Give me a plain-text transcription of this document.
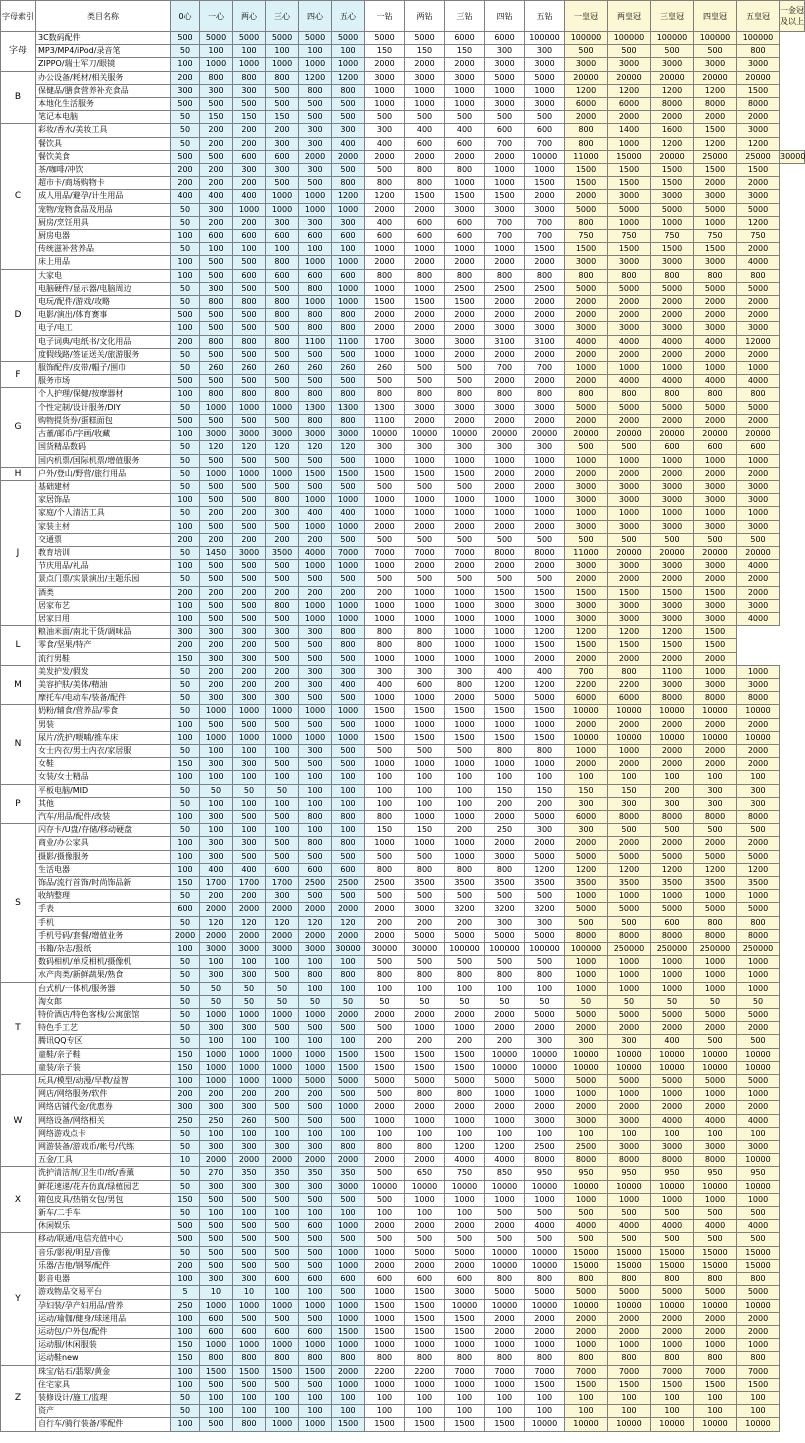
字母索引	类目名称	0心	一心	两心	三心	四心	五心	一钻	两钻	三钻	四钻	五钻	一皇冠	两皇冠	三皇冠	四皇冠	五皇冠	一金冠
及以上
字母	3C数码配件	500	5000	5000	5000	5000	5000	5000	5000	6000	6000	100000	100000	100000	100000	100000	100000	
	MP3/MP4/iPod/录音笔	50	100	100	100	100	100	150	150	150	300	300	500	500	500	500	800	
	ZIPPO/瑞士军刀/眼镜	100	1000	1000	1000	1000	1000	2000	2000	2000	3000	3000	3000	3000	3000	3000	3000	
B	办公设备/耗材/相关服务	200	800	800	800	1200	1200	3000	3000	3000	5000	5000	20000	20000	20000	20000	20000	
	保健品/膳食营养补充食品	300	300	300	500	800	800	1000	1000	1000	1000	1000	1200	1200	1200	1200	1500	
	本地化生活服务	500	500	500	500	500	500	1000	1000	1000	3000	3000	6000	6000	8000	8000	8000	
	笔记本电脑	50	150	150	150	500	500	500	500	500	500	500	2000	2000	2000	2000	2000	
C	彩妆/香水/美妆工具	50	200	200	200	300	300	300	400	400	600	600	800	1400	1600	1500	3000	
	餐饮具	50	200	200	300	300	400	400	600	600	700	700	800	1000	1200	1200	1200	
	餐饮美食	500	500	600	600	2000	2000	2000	2000	2000	2000	10000	11000	15000	20000	25000	25000	30000
	茶/咖啡/冲饮	200	200	300	300	300	500	500	800	800	1000	1000	1500	1500	1500	1500	1500	
	超市卡/商场购物卡	200	200	200	500	500	800	800	800	1000	1000	1500	1500	1500	1500	2000	2000	
	成人用品/避孕/计生用品	400	400	400	1000	1000	1200	1200	1500	1500	1500	2000	2000	3000	3000	3000	3000	
	宠物/宠物食品及用品	50	300	1000	1000	1000	1000	2000	2000	3000	3000	3000	5000	5000	5000	5000	5000	
	厨房/烹饪用具	50	200	200	300	300	300	400	600	600	700	700	800	1000	1000	1000	1200	
	厨房电器	100	600	600	600	600	600	600	600	600	700	700	750	750	750	750	750	
	传统滋补营养品	50	100	100	100	100	100	1000	1000	1000	1000	1500	1500	1500	1500	1500	2000	
	床上用品	100	500	500	800	1000	1000	2000	2000	2000	2000	2000	3000	3000	3000	3000	4000	
D	大家电	100	500	600	600	600	600	800	800	800	800	800	800	800	800	800	800	
	电脑硬件/显示器/电脑周边	50	300	500	500	800	1000	1000	1000	2500	2500	2500	5000	5000	5000	5000	5000	
	电玩/配件/游戏/攻略	50	800	800	800	1000	1000	1500	1500	1500	2000	2000	2000	2000	2000	2000	2000	
	电影/演出/体育赛事	500	500	500	800	800	800	2000	2000	2000	2000	2000	2000	2000	2000	2000	2000	
	电子/电工	100	500	500	500	800	800	2000	2000	2000	3000	3000	3000	3000	3000	3000	3000	
	电子词典/电纸书/文化用品	200	800	800	800	1100	1100	1700	3000	3000	3100	3100	4000	4000	4000	4000	12000	
	度假线路/签证送关/旅游服务	50	500	500	500	500	500	1000	1000	2000	2000	2000	2000	2000	2000	2000	2000	
F	服饰配件/皮带/帽子/围巾	50	260	260	260	260	260	260	500	500	700	700	1000	1000	1000	1000	1000	
	服务市场	500	500	500	500	500	500	500	500	500	2000	2000	2000	4000	4000	4000	4000	
G	个人护理/保健/按摩器材	100	800	800	800	800	800	800	800	800	800	800	800	800	800	800	800	
	个性定制/设计服务/DIY	50	1000	1000	1000	1300	1300	1300	3000	3000	3000	3000	5000	5000	5000	5000	5000	
	购物提货券/蛋糕面包	500	500	500	500	800	800	1100	2000	2000	2000	2000	2000	2000	2000	2000	2000	
	古董/邮币/字画/收藏	100	3000	3000	3000	3000	3000	10000	10000	10000	20000	20000	20000	20000	20000	20000	20000	
	国货精品数码	50	120	120	120	120	120	300	300	300	300	300	500	500	600	600	600	
	国内机票/国际机票/增值服务	50	500	500	500	500	500	1000	1000	1000	1000	1000	1000	1000	1000	1000	1000	
H	户外/登山/野营/旅行用品	50	1000	1000	1000	1500	1500	1500	1500	1500	2000	2000	2000	2000	2000	2000	2000	
J	基础建材	50	500	500	500	500	500	500	500	500	2000	2000	3000	3000	3000	3000	3000	
	家居饰品	100	500	500	800	1000	1000	1000	1000	1000	1000	1000	3000	3000	3000	3000	3000	
	家庭/个人清洁工具	50	200	200	300	400	400	1000	1000	1000	1000	1000	1000	1000	1000	1000	1000	
	家装主材	100	500	500	500	1000	1000	2000	2000	2000	2000	2000	3000	3000	3000	3000	3000	
	交通票	200	200	200	200	200	500	500	500	500	500	500	500	500	500	500	500	
	教育培训	50	1450	3000	3500	4000	7000	7000	7000	7000	8000	8000	11000	20000	20000	20000	20000	
	节庆用品/礼品	100	500	500	500	1000	1000	1000	2000	2000	2000	2000	3000	3000	3000	3000	4000	
	景点门票/实景演出/主题乐园	50	500	500	500	500	500	500	500	500	500	500	2000	2000	2000	2000	2000	
	酒类	200	200	200	200	200	200	200	1000	1000	1500	1500	1500	1500	1500	1500	2000	
	居家布艺	100	500	500	800	1000	1000	1000	1000	1000	3000	3000	3000	3000	3000	3000	3000	
	居家日用	100	500	500	500	1000	1000	1000	1000	1000	1000	1000	3000	3000	3000	3000	4000	
L	粮油米面/南北干货/调味品	300	300	300	300	300	800	800	800	1000	1000	1200	1200	1200	1200	1500		
	零食/坚果/特产	200	200	200	500	500	800	800	800	1000	1000	1500	1500	1500	1500	1500		
	流行男鞋	150	300	300	500	500	500	1000	1000	1000	1000	2000	2000	2000	2000	2000		
M	美发护发/假发	50	200	200	200	300	300	300	300	300	400	400	700	800	1100	1000	1000	
	美容护肤/美体/精油	50	200	200	200	300	400	400	600	800	1200	1200	2200	2200	3000	3000	3000	
	摩托车/电动车/装备/配件	50	300	300	300	500	500	1000	1000	2000	5000	5000	6000	6000	8000	8000	8000	
N	奶粉/辅食/营养品/零食	50	1000	1000	1000	1000	1000	1500	1500	1500	1500	1500	10000	10000	10000	10000	10000	
	男装	100	500	500	500	500	500	1000	1000	1000	1000	1000	2000	2000	2000	2000	2000	
	尿片/洗护/喂哺/推车床	100	1000	1000	1000	1000	1000	1500	1500	1500	1500	1500	10000	10000	10000	10000	10000	
	女士内衣/男士内衣/家居服	50	100	100	100	300	500	500	500	500	800	800	1000	1000	2000	2000	2000	
	女鞋	150	300	300	500	500	500	1000	1000	1000	1000	1000	2000	2000	2000	2000	2000	
	女装/女士精品	100	100	100	100	100	100	100	100	100	100	100	100	100	100	100	100	
P	平板电脑/MID	50	50	50	50	100	100	100	100	100	150	150	150	150	200	300	300	
	其他	50	100	100	100	100	100	100	100	100	200	200	300	300	300	300	300	
	汽车/用品/配件/改装	100	300	500	500	800	800	800	1000	1000	2000	5000	6000	8000	8000	8000	8000	
S	闪存卡/U盘/存储/移动硬盘	50	100	100	100	100	100	150	150	200	250	300	300	500	500	500	500	
	商业/办公家具	100	300	300	500	800	800	1000	1000	1000	2000	2000	2000	2000	2000	2000	2000	
	摄影/摄像服务	100	300	500	500	500	500	500	500	1000	3000	5000	5000	5000	5000	5000	5000	
	生活电器	100	400	400	600	600	600	800	800	800	800	1200	1200	1200	1200	1200	1200	
	饰品/流行首饰/时尚饰品新	150	1700	1700	1700	2500	2500	2500	3500	3500	3500	3500	3500	3500	3500	3500	3500	
	收纳整理	50	200	200	300	500	500	500	500	500	500	500	1000	1000	1000	1000	1000	
	手表	600	2000	2000	2000	2000	2000	2000	3000	3200	3200	3200	5000	5000	5000	5000	5000	
	手机	50	120	120	120	120	120	200	200	200	300	300	500	500	600	800	800	
	手机号码/套餐/增值业务	2000	2000	2000	2000	2000	2000	2000	5000	5000	5000	5000	8000	8000	8000	8000	8000	
	书籍/杂志/报纸	100	3000	3000	3000	3000	30000	30000	30000	100000	100000	100000	100000	250000	250000	250000	250000	
	数码相机/单反相机/摄像机	50	100	100	100	100	100	500	500	500	500	500	1000	1000	1000	1000	1000	
	水产肉类/新鲜蔬果/熟食	50	300	300	500	800	800	800	800	800	800	800	1000	1000	1000	1000	1000	
T	台式机/一体机/服务器	50	50	50	50	100	100	100	100	100	100	100	1000	1000	1000	1000	1000	
	淘女郎	50	50	50	50	50	50	50	50	50	50	50	50	50	50	50	50	
	特价酒店/特色客栈/公寓旅馆	50	1000	1000	1000	1000	2000	2000	2000	2000	2000	5000	5000	5000	5000	5000	5000	
	特色手工艺	50	300	300	500	500	500	500	1000	1000	2000	2000	2000	2000	2000	2000	2000	
	腾讯QQ专区	50	100	100	100	100	100	200	200	200	200	300	300	300	400	500	500	
	童鞋/亲子鞋	150	1000	1000	1000	1000	1500	1500	1500	1500	10000	10000	10000	10000	10000	10000	10000	
	童装/亲子装	150	1000	1000	1000	1000	1500	1500	1500	1500	10000	10000	10000	10000	10000	10000	10000	
W	玩具/模型/动漫/早教/益智	100	1000	1000	1000	5000	5000	5000	5000	5000	5000	5000	5000	5000	5000	5000	5000	
	网店/网络服务/软件	200	200	200	200	200	500	500	800	800	1000	1000	1000	1000	1000	1000	1000	
	网络店铺代金/优惠券	300	300	300	500	500	1000	2000	2000	2000	2000	2000	2000	2000	2000	2000	2000	
	网络设备/网络相关	250	250	260	500	500	500	1000	1000	1000	1000	3000	3000	3000	4000	4000	4000	
	网络游戏点卡	50	100	100	100	100	100	100	100	100	100	100	100	100	100	100	100	
	网游装备/游戏币/帐号/代练	50	300	300	300	300	800	800	800	1200	1200	2500	2500	3000	3000	3000	3000	
	五金/工具	10	2000	2000	2000	2000	2000	2000	2000	4000	4000	8000	8000	8000	8000	8000	10000	
X	洗护清洁剂/卫生巾/纸/香薰	50	270	350	350	350	350	500	650	750	850	950	950	950	950	950	950	
	鲜花速递/花卉仿真/绿植园艺	50	300	300	300	300	3000	10000	10000	10000	10000	10000	10000	10000	10000	10000	10000	
	箱包皮具/热销女包/男包	150	500	500	500	500	500	500	1000	1000	1000	1000	1000	1000	1000	1000	1000	
	新车/二手车	50	100	100	100	100	100	100	100	100	500	500	500	500	500	500	500	
	休闲娱乐	500	500	500	500	600	1000	2000	2000	2000	2000	4000	4000	4000	4000	4000	4000	
Y	移动/联通/电信充值中心	500	500	500	500	500	500	500	500	500	500	500	500	500	500	500	500	
	音乐/影视/明星/音像	50	500	500	500	500	1000	1000	5000	5000	10000	10000	15000	15000	15000	15000	15000	
	乐器/吉他/钢琴/配件	200	500	500	500	500	1000	2000	2000	2000	10000	10000	15000	15000	15000	15000	15000	
	影音电器	100	300	300	600	600	600	600	600	600	800	800	800	800	800	800	800	
	游戏物品交易平台	5	10	10	100	100	500	1000	1500	3000	5000	5000	5000	5000	5000	5000	5000	
	孕妇装/孕产妇用品/营养	250	1000	1000	1000	1000	1000	1500	1500	10000	10000	10000	10000	10000	10000	10000	10000	
	运动/瑜伽/健身/球迷用品	100	600	500	500	500	1000	1000	1500	1500	2000	2000	2000	2000	2000	2000	2000	
	运动包/户外包/配件	100	600	600	600	600	1500	1500	1500	1500	2000	2000	2000	2000	2000	2000	2000	
	运动服/休闲服装	150	1000	1000	1000	1000	1000	1000	1000	1000	1000	1000	1000	1000	1000	1000	1000	
	运动鞋new	150	800	800	800	800	800	800	800	800	800	800	800	800	800	800	800	
Z	珠宝/钻石/翡翠/黄金	100	1500	1500	1500	1500	2000	2200	2200	7000	7000	7000	7000	7000	7000	7000	7000	
	住宅家具	100	500	500	500	500	1000	1000	1000	1000	1000	1500	1500	1500	1500	1500	1500	
	装修设计/施工/监理	50	100	100	100	100	100	100	100	100	100	100	100	100	100	100	100	
	资产	50	100	100	100	100	100	100	100	100	100	100	100	100	100	100	100	
	自行车/骑行装备/零配件	100	500	800	1000	1000	1500	1500	1500	1500	1500	10000	10000	10000	10000	10000	10000	
